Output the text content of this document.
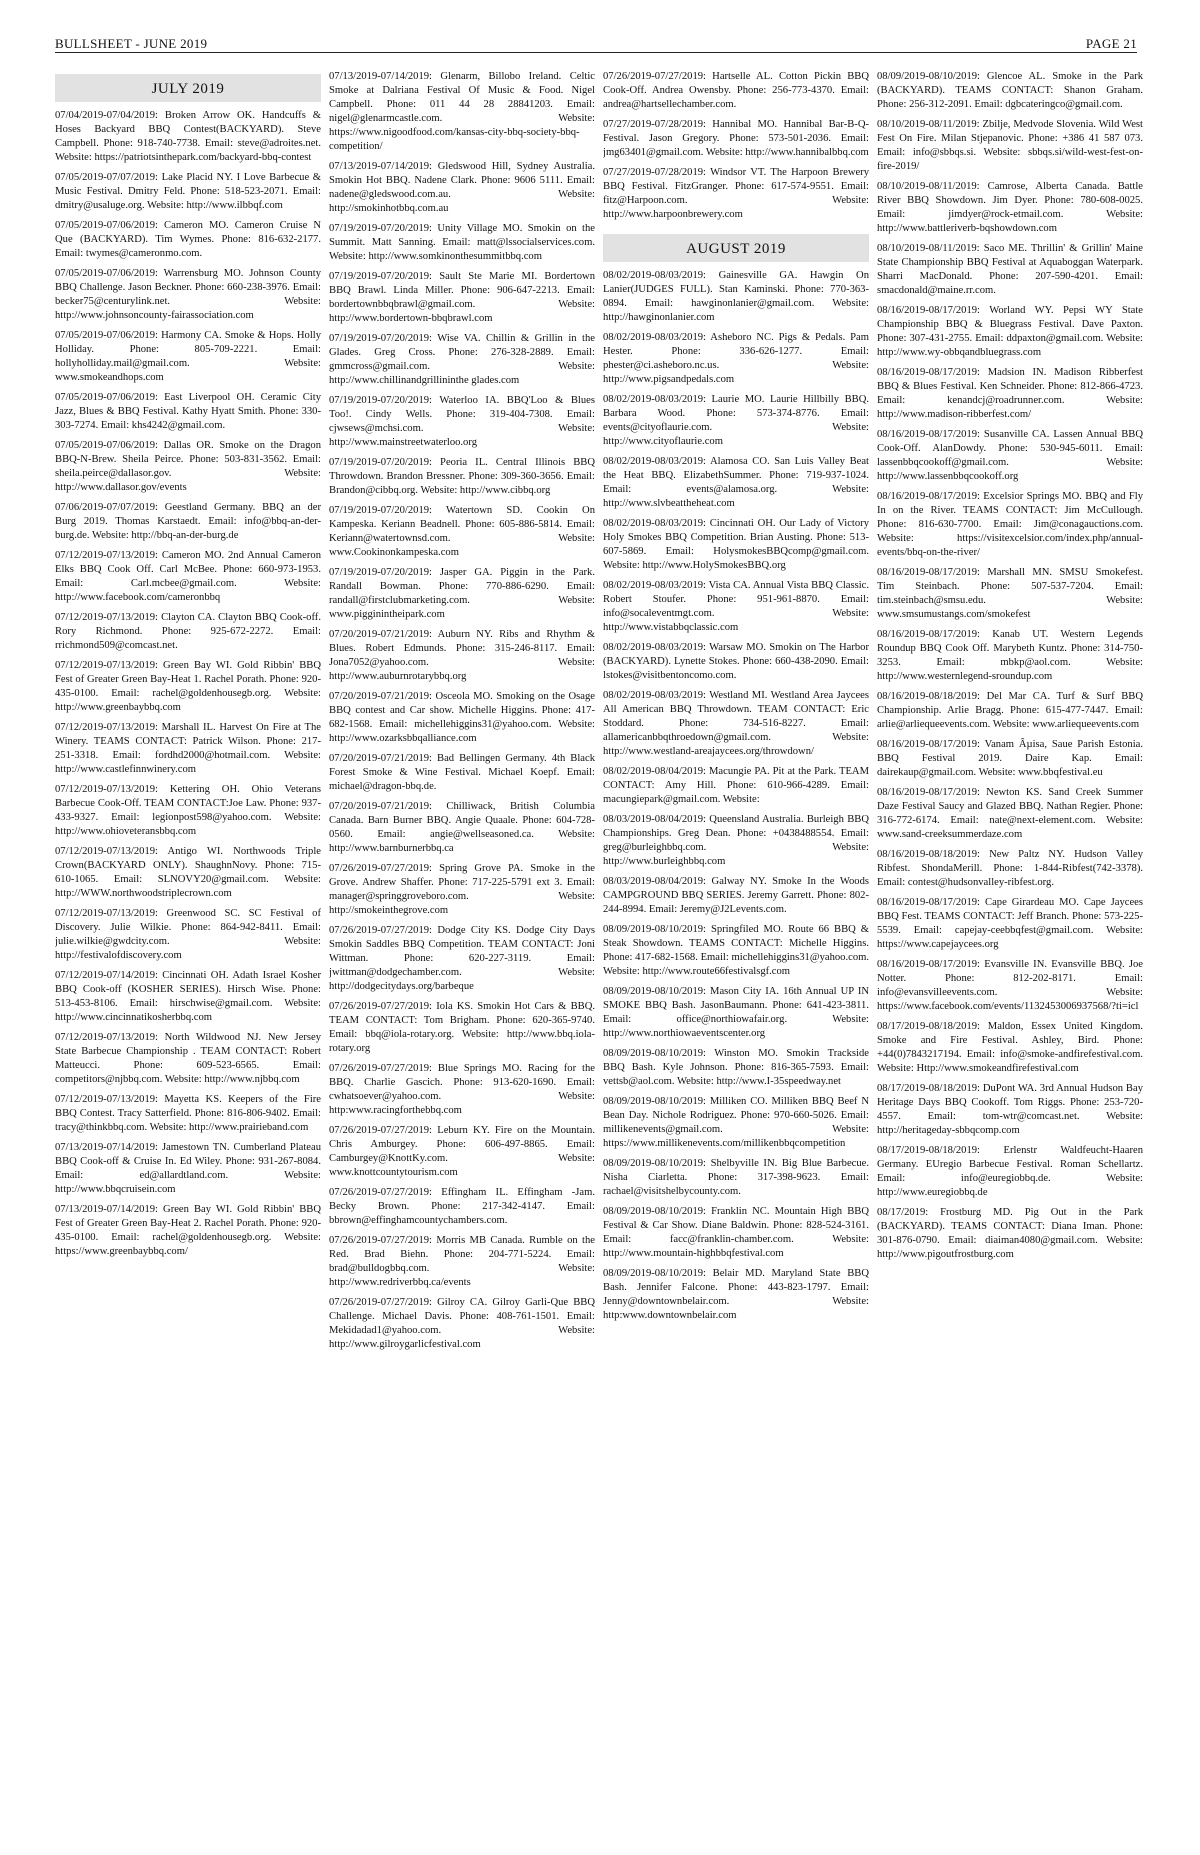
BULLSHEET - JUNE 2019	PAGE 21
JULY 2019

07/04/2019-07/04/2019: Broken Arrow OK. Handcuffs & Hoses Backyard BBQ Contest(BACKYARD). Steve Campbell. Phone: 918-740-7738. Email: steve@adroites.net. Website: https://patriotsinthepark.com/backyard-bbq-contest

07/05/2019-07/07/2019: Lake Placid NY. I Love Barbecue & Music Festival. Dmitry Feld. Phone: 518-523-2071. Email: dmitry@usaluge.org. Website: http://www.ilbbqf.com

07/05/2019-07/06/2019: Cameron MO. Cameron Cruise N Que (BACKYARD). Tim Wymes. Phone: 816-632-2177. Email: twymes@cameronmo.com.

07/05/2019-07/06/2019: Warrensburg MO. Johnson County BBQ Challenge. Jason Beckner. Phone: 660-238-3976. Email: becker75@centurylink.net. Website: http://www.johnsoncounty-fairassociation.com

07/05/2019-07/06/2019: Harmony CA. Smoke & Hops. Holly Holliday. Phone: 805-709-2221. Email: hollyholliday.mail@gmail.com. Website: www.smokeandhops.com

07/05/2019-07/06/2019: East Liverpool OH. Ceramic City Jazz, Blues & BBQ Festival. Kathy Hyatt Smith. Phone: 330-303-7274. Email: khs4242@gmail.com.

07/05/2019-07/06/2019: Dallas OR. Smoke on the Dragon BBQ-N-Brew. Sheila Peirce. Phone: 503-831-3562. Email: sheila.peirce@dallasor.gov. Website: http://www.dallasor.gov/events

07/06/2019-07/07/2019: Geestland Germany. BBQ an der Burg 2019. Thomas Karstaedt. Email: info@bbq-an-der-burg.de. Website: http://bbq-an-der-burg.de

07/12/2019-07/13/2019: Cameron MO. 2nd Annual Cameron Elks BBQ Cook Off. Carl McBee. Phone: 660-973-1953. Email: Carl.mcbee@gmail.com. Website: http://www.facebook.com/cameronbbq

07/12/2019-07/13/2019: Clayton CA. Clayton BBQ Cook-off. Rory Richmond. Phone: 925-672-2272. Email: rrichmond509@comcast.net.

07/12/2019-07/13/2019: Green Bay WI. Gold Ribbin' BBQ Fest of Greater Green Bay-Heat 1. Rachel Porath. Phone: 920-435-0100. Email: rachel@goldenhousegb.org. Website: http://www.greenbaybbq.com

07/12/2019-07/13/2019: Marshall IL. Harvest On Fire at The Winery. TEAMS CONTACT: Patrick Wilson. Phone: 217-251-3318. Email: fordhd2000@hotmail.com. Website: http://www.castlefinnwinery.com

07/12/2019-07/13/2019: Kettering OH. Ohio Veterans Barbecue Cook-Off. TEAM CONTACT:Joe Law. Phone: 937-433-9327. Email: legionpost598@yahoo.com. Website: http://www.ohioveteransbbq.com

07/12/2019-07/13/2019: Antigo WI. Northwoods Triple Crown(BACKYARD ONLY). ShaughnNovy. Phone: 715-610-1065. Email: SLNOVY20@gmail.com. Website: http://WWW.northwoodstriplecrown.com

07/12/2019-07/13/2019: Greenwood SC. SC Festival of Discovery. Julie Wilkie. Phone: 864-942-8411. Email: julie.wilkie@gwdcity.com. Website: http://festivalofdiscovery.com

07/12/2019-07/14/2019: Cincinnati OH. Adath Israel Kosher BBQ Cook-off (KOSHER SERIES). Hirsch Wise. Phone: 513-453-8106. Email: hirschwise@gmail.com. Website: http://www.cincinnatikosherbbq.com

07/12/2019-07/13/2019: North Wildwood NJ. New Jersey State Barbecue Championship . TEAM CONTACT: Robert Matteucci. Phone: 609-523-6565. Email: competitors@njbbq.com. Website: http://www.njbbq.com

07/12/2019-07/13/2019: Mayetta KS. Keepers of the Fire BBQ Contest. Tracy Satterfield. Phone: 816-806-9402. Email: tracy@thinkbbq.com. Website: http://www.prairieband.com

07/13/2019-07/14/2019: Jamestown TN. Cumberland Plateau BBQ Cook-off & Cruise In. Ed Wiley. Phone: 931-267-8084. Email: ed@allardtland.com. Website: http://www.bbqcruisein.com

07/13/2019-07/14/2019: Green Bay WI. Gold Ribbin' BBQ Fest of Greater Green Bay-Heat 2. Rachel Porath. Phone: 920-435-0100. Email: rachel@goldenhousegb.org. Website: https://www.greenbaybbq.com/

07/13/2019-07/14/2019: Glenarm, Billobo Ireland. Celtic Smoke at Dalriana Festival Of Music & Food. Nigel Campbell. Phone: 011 44 28 28841203. Email: nigel@glenarmcastle.com. Website: https://www.nigoodfood.com/kansas-city-bbq-society-bbq-competition/

07/13/2019-07/14/2019: Gledswood Hill, Sydney Australia. Smokin Hot BBQ. Nadene Clark. Phone: 9606 5111. Email: nadene@gledswood.com.au. Website: http://smokinhotbbq.com.au

07/19/2019-07/20/2019: Unity Village MO. Smokin on the Summit. Matt Sanning. Email: matt@lssocialservices.com. Website: http://www.somkinonthesummitbbq.com

07/19/2019-07/20/2019: Sault Ste Marie MI. Bordertown BBQ Brawl. Linda Miller. Phone: 906-647-2213. Email: bordertownbbqbrawl@gmail.com. Website: http://www.bordertown-bbqbrawl.com

07/19/2019-07/20/2019: Wise VA. Chillin & Grillin in the Glades. Greg Cross. Phone: 276-328-2889. Email: gmmcross@gmail.com. Website: http://www.chillinandgrillininthe glades.com

07/19/2019-07/20/2019: Waterloo IA. BBQ'Loo & Blues Too!. Cindy Wells. Phone: 319-404-7308. Email: cjwsews@mchsi.com. Website: http://www.mainstreetwaterloo.org

07/19/2019-07/20/2019: Peoria IL. Central Illinois BBQ Throwdown. Brandon Bressner. Phone: 309-360-3656. Email: Brandon@cibbq.org. Website: http://www.cibbq.org

07/19/2019-07/20/2019: Watertown SD. Cookin On Kampeska. Keriann Beadnell. Phone: 605-886-5814. Email: Keriann@watertownsd.com. Website: www.Cookinonkampeska.com

07/19/2019-07/20/2019: Jasper GA. Piggin in the Park. Randall Bowman. Phone: 770-886-6290. Email: randall@firstclubmarketing.com. Website: www.pigginintheipark.com

07/20/2019-07/21/2019: Auburn NY. Ribs and Rhythm & Blues. Robert Edmunds. Phone: 315-246-8117. Email: Jona7052@yahoo.com. Website: http://www.auburnrotarybbq.org

07/20/2019-07/21/2019: Osceola MO. Smoking on the Osage BBQ contest and Car show. Michelle Higgins. Phone: 417-682-1568. Email: michellehiggins31@yahoo.com. Website: http://www.ozarksbbqalliance.com

07/20/2019-07/21/2019: Bad Bellingen Germany. 4th Black Forest Smoke & Wine Festival. Michael Koepf. Email: michael@dragon-bbq.de.

07/20/2019-07/21/2019: Chilliwack, British Columbia Canada. Barn Burner BBQ. Angie Quaale. Phone: 604-728-0560. Email: angie@wellseasoned.ca. Website: http://www.barnburnerbbq.ca

07/26/2019-07/27/2019: Spring Grove PA. Smoke in the Grove. Andrew Shaffer. Phone: 717-225-5791 ext 3. Email: manager@springgroveboro.com. Website: http://smokeinthegrove.com

07/26/2019-07/27/2019: Dodge City KS. Dodge City Days Smokin Saddles BBQ Competition. TEAM CONTACT: Joni Wittman. Phone: 620-227-3119. Email: jwittman@dodgechamber.com. Website: http://dodgecitydays.org/barbeque

07/26/2019-07/27/2019: Iola KS. Smokin Hot Cars & BBQ. TEAM CONTACT: Tom Brigham. Phone: 620-365-9740. Email: bbq@iola-rotary.org. Website: http://www.bbq.iola-rotary.org

07/26/2019-07/27/2019: Blue Springs MO. Racing for the BBQ. Charlie Gascich. Phone: 913-620-1690. Email: cwhatsoever@yahoo.com. Website: http:www.racingforthebbq.com

07/26/2019-07/27/2019: Leburn KY. Fire on the Mountain. Chris Amburgey. Phone: 606-497-8865. Email: Camburgey@KnottKy.com. Website: www.knottcountytourism.com

07/26/2019-07/27/2019: Effingham IL. Effingham -Jam. Becky Brown. Phone: 217-342-4147. Email: bbrown@effinghamcountychambers.com.

07/26/2019-07/27/2019: Morris MB Canada. Rumble on the Red. Brad Biehn. Phone: 204-771-5224. Email: brad@bulldogbbq.com. Website: http://www.redriverbbq.ca/events

07/26/2019-07/27/2019: Gilroy CA. Gilroy Garli-Que BBQ Challenge. Michael Davis. Phone: 408-761-1501. Email: Mekidadad1@yahoo.com. Website: http://www.gilroygarlicfestival.com

07/26/2019-07/27/2019: Hartselle AL. Cotton Pickin BBQ Cook-Off. Andrea Owensby. Phone: 256-773-4370. Email: andrea@hartsellechamber.com.

07/27/2019-07/28/2019: Hannibal MO. Hannibal Bar-B-Q-Festival. Jason Gregory. Phone: 573-501-2036. Email: jmg63401@gmail.com. Website: http://www.hannibalbbq.com

07/27/2019-07/28/2019: Windsor VT. The Harpoon Brewery BBQ Festival. FitzGranger. Phone: 617-574-9551. Email: fitz@Harpoon.com. Website: http://www.harpoonbrewery.com

AUGUST 2019

08/02/2019-08/03/2019: Gainesville GA. Hawgin On Lanier(JUDGES FULL). Stan Kaminski. Phone: 770-363-0894. Email: hawginonlanier@gmail.com. Website: http://hawginonlanier.com

08/02/2019-08/03/2019: Asheboro NC. Pigs & Pedals. Pam Hester. Phone: 336-626-1277. Email: phester@ci.asheboro.nc.us. Website: http://www.pigsandpedals.com

08/02/2019-08/03/2019: Laurie MO. Laurie Hillbilly BBQ. Barbara Wood. Phone: 573-374-8776. Email: events@cityoflaurie.com. Website: http://www.cityoflaurie.com

08/02/2019-08/03/2019: Alamosa CO. San Luis Valley Beat the Heat BBQ. ElizabethSummer. Phone: 719-937-1024. Email: events@alamosa.org. Website: http://www.slvbeattheheat.com

08/02/2019-08/03/2019: Cincinnati OH. Our Lady of Victory Holy Smokes BBQ Competition. Brian Austing. Phone: 513-607-5869. Email: HolysmokesBBQcomp@gmail.com. Website: http://www.HolySmokesBBQ.org

08/02/2019-08/03/2019: Vista CA. Annual Vista BBQ Classic. Robert Stoufer. Phone: 951-961-8870. Email: info@socaleventmgt.com. Website: http://www.vistabbqclassic.com

08/02/2019-08/03/2019: Warsaw MO. Smokin on The Harbor (BACKYARD). Lynette Stokes. Phone: 660-438-2090. Email: lstokes@visitbentoncomo.com.

08/02/2019-08/03/2019: Westland MI. Westland Area Jaycees All American BBQ Throwdown. TEAM CONTACT: Eric Stoddard. Phone: 734-516-8227. Email: allamericanbbqthroedown@gmail.com. Website: http://www.westland-areajaycees.org/throwdown/

08/02/2019-08/04/2019: Macungie PA. Pit at the Park. TEAM CONTACT: Amy Hill. Phone: 610-966-4289. Email: macungiepark@gmail.com. Website:

08/03/2019-08/04/2019: Queensland Australia. Burleigh BBQ Championships. Greg Dean. Phone: +0438488554. Email: greg@burleighbbq.com. Website: http://www.burleighbbq.com

08/03/2019-08/04/2019: Galway NY. Smoke In the Woods CAMPGROUND BBQ SERIES. Jeremy Garrett. Phone: 802-244-8994. Email: Jeremy@J2Levents.com.

08/09/2019-08/10/2019: Springfiled MO. Route 66 BBQ & Steak Showdown. TEAMS CONTACT: Michelle Higgins. Phone: 417-682-1568. Email: michellehiggins31@yahoo.com. Website: http://www.route66festivalsgf.com

08/09/2019-08/10/2019: Mason City IA. 16th Annual UP IN SMOKE BBQ Bash. JasonBaumann. Phone: 641-423-3811. Email: office@northiowafair.org. Website: http://www.northiowaeventscenter.org

08/09/2019-08/10/2019: Winston MO. Smokin Trackside BBQ Bash. Kyle Johnson. Phone: 816-365-7593. Email: vettsb@aol.com. Website: http://www.I-35speedway.net

08/09/2019-08/10/2019: Milliken CO. Milliken BBQ Beef N Bean Day. Nichole Rodriguez. Phone: 970-660-5026. Email: millikenevents@gmail.com. Website: https://www.millikenevents.com/millikenbbqcompetition

08/09/2019-08/10/2019: Shelbyville IN. Big Blue Barbecue. Nisha Ciarletta. Phone: 317-398-9623. Email: rachael@visitshelbycounty.com.

08/09/2019-08/10/2019: Franklin NC. Mountain High BBQ Festival & Car Show. Diane Baldwin. Phone: 828-524-3161. Email: facc@franklin-chamber.com. Website: http://www.mountain-highbbqfestival.com

08/09/2019-08/10/2019: Belair MD. Maryland State BBQ Bash. Jennifer Falcone. Phone: 443-823-1797. Email: Jenny@downtownbelair.com. Website: http:www.downtownbelair.com

08/09/2019-08/10/2019: Glencoe AL. Smoke in the Park (BACKYARD). TEAMS CONTACT: Shanon Graham. Phone: 256-312-2091. Email: dgbcateringco@gmail.com.

08/10/2019-08/11/2019: Zbilje, Medvode Slovenia. Wild West Fest On Fire. Milan Stjepanovic. Phone: +386 41 587 073. Email: info@sbbqs.si. Website: sbbqs.si/wild-west-fest-on-fire-2019/

08/10/2019-08/11/2019: Camrose, Alberta Canada. Battle River BBQ Showdown. Jim Dyer. Phone: 780-608-0025. Email: jimdyer@rock-etmail.com. Website: http://www.battleriverb-bqshowdown.com

08/10/2019-08/11/2019: Saco ME. Thrillin' & Grillin' Maine State Championship BBQ Festival at Aquaboggan Waterpark. Sharri MacDonald. Phone: 207-590-4201. Email: smacdonald@maine.rr.com.

08/16/2019-08/17/2019: Worland WY. Pepsi WY State Championship BBQ & Bluegrass Festival. Dave Paxton. Phone: 307-431-2755. Email: ddpaxton@gmail.com. Website: http://www.wy-obbqandbluegrass.com

08/16/2019-08/17/2019: Madsion IN. Madison Ribberfest BBQ & Blues Festival. Ken Schneider. Phone: 812-866-4723. Email: kenandcj@roadrunner.com. Website: http://www.madison-ribberfest.com/

08/16/2019-08/17/2019: Susanville CA. Lassen Annual BBQ Cook-Off. AlanDowdy. Phone: 530-945-6011. Email: lassenbbqcookoff@gmail.com. Website: http://www.lassenbbqcookoff.org

08/16/2019-08/17/2019: Excelsior Springs MO. BBQ and Fly In on the River. TEAMS CONTACT: Jim McCullough. Phone: 816-630-7700. Email: Jim@conagauctions.com. Website: https://visitexcelsior.com/index.php/annual-events/bbq-on-the-river/

08/16/2019-08/17/2019: Marshall MN. SMSU Smokefest. Tim Steinbach. Phone: 507-537-7204. Email: tim.steinbach@smsu.edu. Website: www.smsumustangs.com/smokefest

08/16/2019-08/17/2019: Kanab UT. Western Legends Roundup BBQ Cook Off. Marybeth Kuntz. Phone: 314-750-3253. Email: mbkp@aol.com. Website: http://www.westernlegend-sroundup.com

08/16/2019-08/18/2019: Del Mar CA. Turf & Surf BBQ Championship. Arlie Bragg. Phone: 615-477-7447. Email: arlie@arliequeevents.com. Website: www.arliequeevents.com

08/16/2019-08/17/2019: Vanam Âµisa, Saue Parish Estonia. BBQ Festival 2019. Daire Kap. Email: dairekaup@gmail.com. Website: www.bbqfestival.eu

08/16/2019-08/17/2019: Newton KS. Sand Creek Summer Daze Festival Saucy and Glazed BBQ. Nathan Regier. Phone: 316-772-6174. Email: nate@next-element.com. Website: www.sand-creeksummerdaze.com

08/16/2019-08/18/2019: New Paltz NY. Hudson Valley Ribfest. ShondaMerill. Phone: 1-844-Ribfest(742-3378). Email: contest@hudsonvalley-ribfest.org.

08/16/2019-08/17/2019: Cape Girardeau MO. Cape Jaycees BBQ Fest. TEAMS CONTACT: Jeff Branch. Phone: 573-225-5539. Email: capejay-ceebbqfest@gmail.com. Website: https://www.capejaycees.org

08/16/2019-08/17/2019: Evansville IN. Evansville BBQ. Joe Notter. Phone: 812-202-8171. Email: info@evansvilleevents.com. Website: https://www.facebook.com/events/1132453006937568/?ti=icl

08/17/2019-08/18/2019: Maldon, Essex United Kingdom. Smoke and Fire Festival. Ashley, Bird. Phone: +44(0)7843217194. Email: info@smoke-andfirefestival.com. Website: Http://www.smokeandfirefestival.com

08/17/2019-08/18/2019: DuPont WA. 3rd Annual Hudson Bay Heritage Days BBQ Cookoff. Tom Riggs. Phone: 253-720-4557. Email: tom-wtr@comcast.net. Website: http://heritageday-sbbqcomp.com

08/17/2019-08/18/2019: Erlenstr Waldfeucht-Haaren Germany. EUregio Barbecue Festival. Roman Schellartz. Email: info@euregiobbq.de. Website: http://www.euregiobbq.de

08/17/2019: Frostburg MD. Pig Out in the Park (BACKYARD). TEAMS CONTACT: Diana Iman. Phone: 301-876-0790. Email: diaiman4080@gmail.com. Website: http://www.pigoutfrostburg.com
